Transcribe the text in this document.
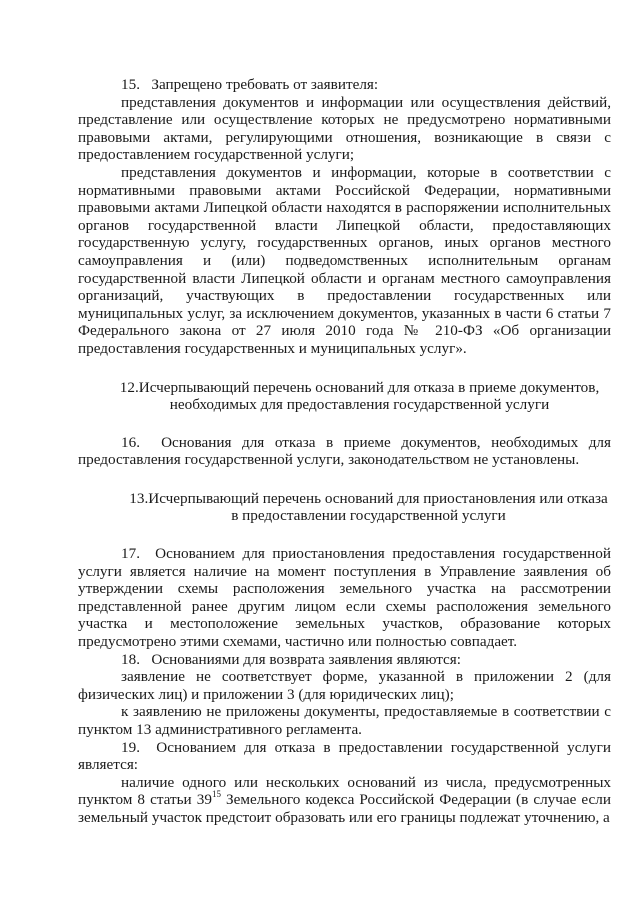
15.   Запрещено требовать от заявителя:

представления документов и информации или осуществления действий, представление или осуществление которых не предусмотрено нормативными правовыми актами, регулирующими отношения, возникающие в связи с предоставлением государственной услуги;

представления документов и информации, которые в соответствии с нормативными правовыми актами Российской Федерации, нормативными правовыми актами Липецкой области находятся в распоряжении исполнительных органов государственной власти Липецкой области, предоставляющих государственную услугу, государственных органов, иных органов местного самоуправления и (или) подведомственных исполнительным органам государственной власти Липецкой области и органам местного самоуправления организаций, участвующих в предоставлении государственных или муниципальных услуг, за исключением документов, указанных в части 6 статьи 7 Федерального закона от 27 июля 2010 года № 210-ФЗ «Об организации предоставления государственных и муниципальных услуг».

12.Исчерпывающий перечень оснований для отказа в приеме документов, необходимых для предоставления государственной услуги

16.  Основания для отказа в приеме документов, необходимых для предоставления государственной услуги, законодательством не установлены.

13.Исчерпывающий перечень оснований для приостановления или отказа в предоставлении государственной услуги

17.  Основанием для приостановления предоставления государственной услуги является наличие на момент поступления в Управление заявления об утверждении схемы расположения земельного участка на рассмотрении представленной ранее другим лицом если схемы расположения земельного участка и местоположение земельных участков, образование которых предусмотрено этими схемами, частично или полностью совпадает.

18.   Основаниями для возврата заявления являются:

заявление не соответствует форме, указанной в приложении 2 (для физических лиц) и приложении 3 (для юридических лиц);

к заявлению не приложены документы, предоставляемые в соответствии с пунктом 13 административного регламента.

19.  Основанием для отказа в предоставлении государственной услуги является:

наличие одного или нескольких оснований из числа, предусмотренных пунктом 8 статьи $39^{15}$ Земельного кодекса Российской Федерации (в случае если земельный участок предстоит образовать или его границы подлежат уточнению, а
